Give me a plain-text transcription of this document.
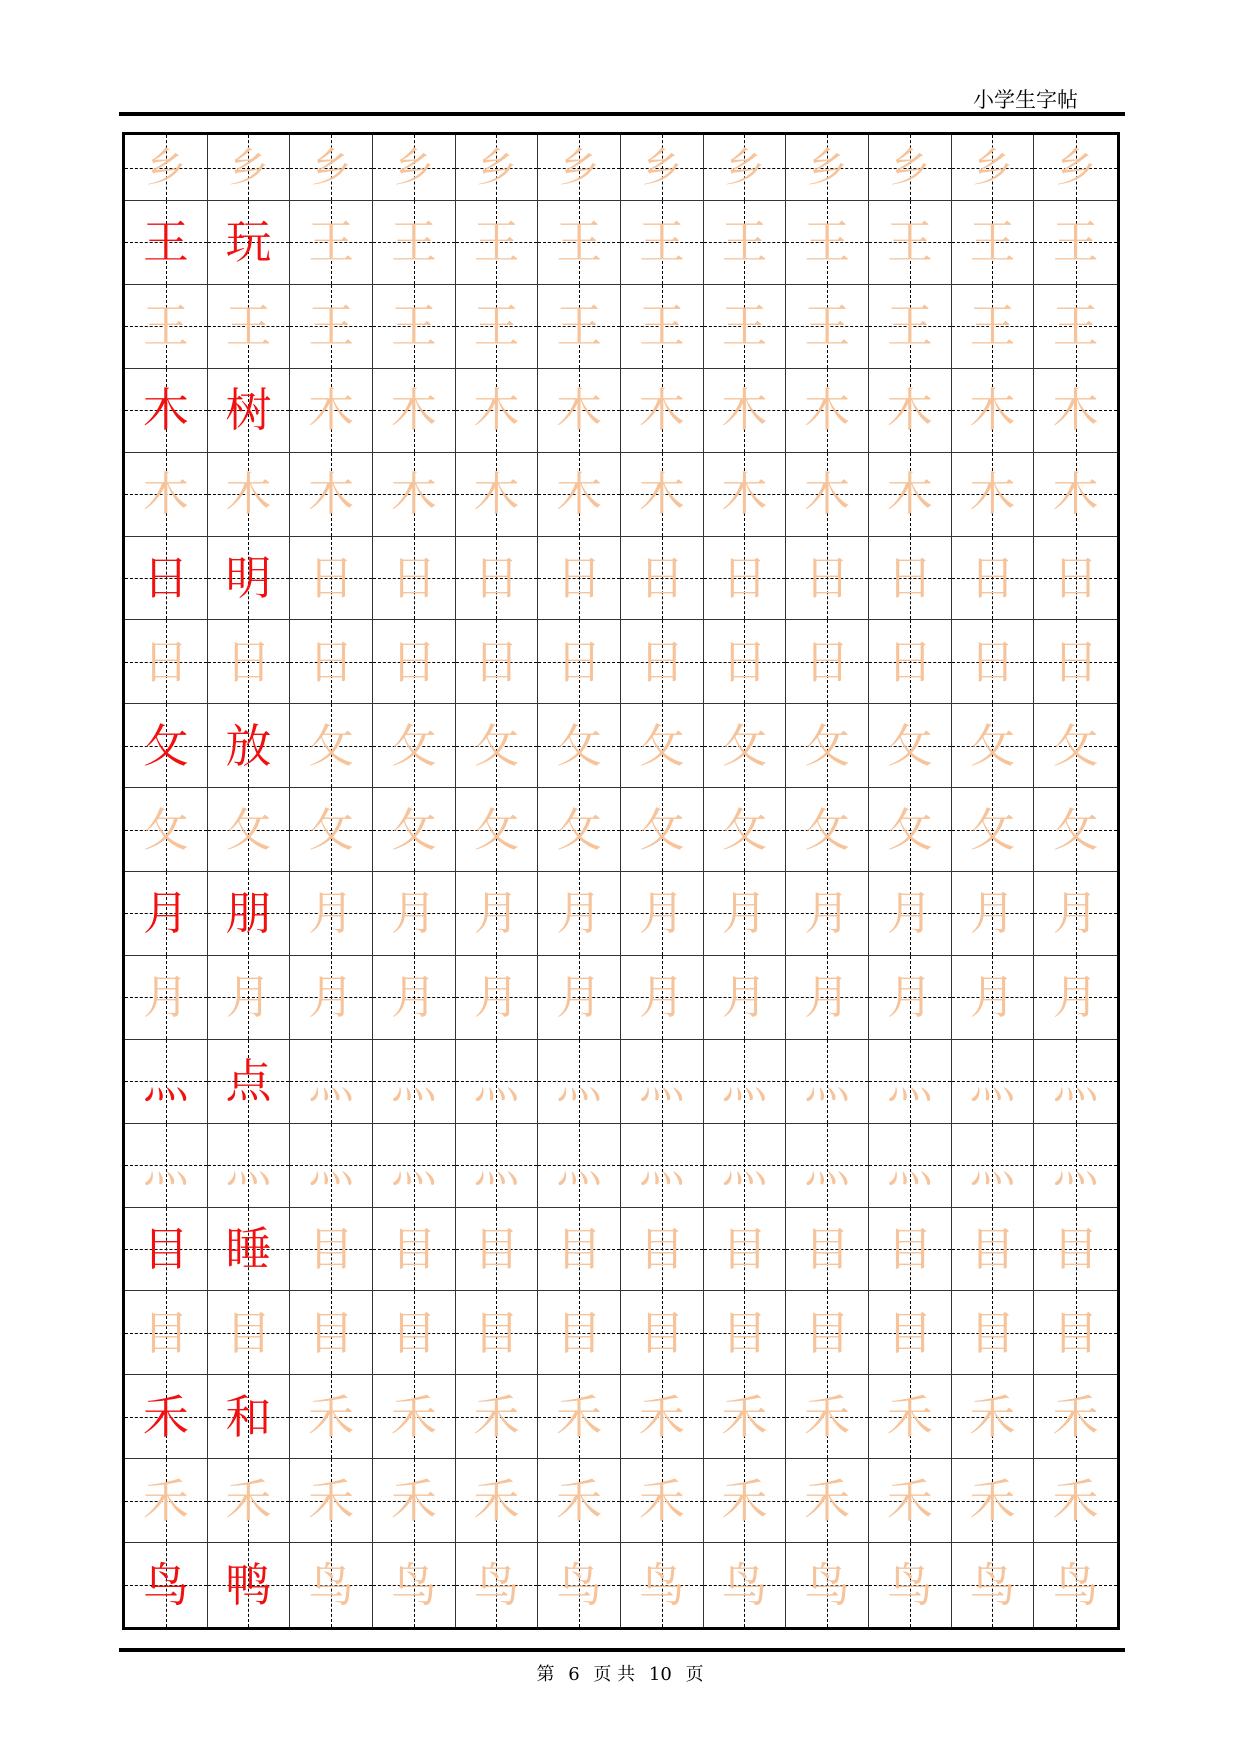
小学生字帖
乡 乡 乡 乡 乡 乡 乡 乡 乡 乡 乡 乡
王 玩 王 王 王 王 王 王 王 王 王 王
王 王 王 王 王 王 王 王 王 王 王 王
木 树 木 木 木 木 木 木 木 木 木 木
木 木 木 木 木 木 木 木 木 木 木 木
日 明 日 日 日 日 日 日 日 日 日 日
日 日 日 日 日 日 日 日 日 日 日 日
攵 放 攵 攵 攵 攵 攵 攵 攵 攵 攵 攵
攵 攵 攵 攵 攵 攵 攵 攵 攵 攵 攵 攵
月 朋 月 月 月 月 月 月 月 月 月 月
月 月 月 月 月 月 月 月 月 月 月 月
灬 点 灬 灬 灬 灬 灬 灬 灬 灬 灬 灬
灬 灬 灬 灬 灬 灬 灬 灬 灬 灬 灬 灬
目 睡 目 目 目 目 目 目 目 目 目 目
目 目 目 目 目 目 目 目 目 目 目 目
禾 和 禾 禾 禾 禾 禾 禾 禾 禾 禾 禾
禾 禾 禾 禾 禾 禾 禾 禾 禾 禾 禾 禾
鸟 鸭 鸟 鸟 鸟 鸟 鸟 鸟 鸟 鸟 鸟 鸟
第 6 页 共 10 页
